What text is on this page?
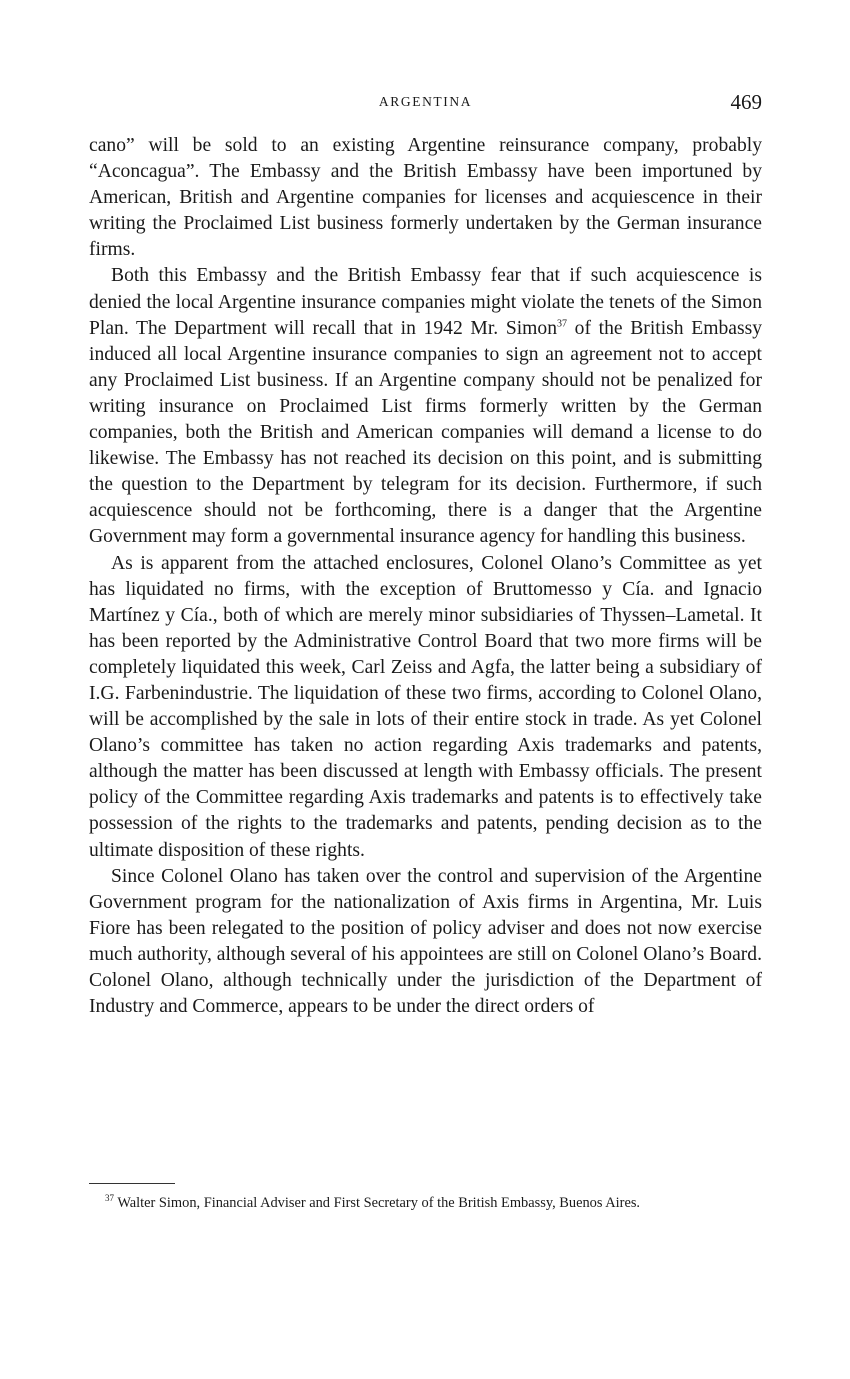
ARGENTINA	469

cano” will be sold to an existing Argentine reinsurance company, probably “Aconcagua”. The Embassy and the British Embassy have been importuned by American, British and Argentine companies for licenses and acquiescence in their writing the Proclaimed List business formerly undertaken by the German insurance firms.

Both this Embassy and the British Embassy fear that if such acquiescence is denied the local Argentine insurance companies might violate the tenets of the Simon Plan. The Department will recall that in 1942 Mr. Simon$^{37}$ of the British Embassy induced all local Argentine insurance companies to sign an agreement not to accept any Proclaimed List business. If an Argentine company should not be penalized for writing insurance on Proclaimed List firms formerly written by the German companies, both the British and American companies will demand a license to do likewise. The Embassy has not reached its decision on this point, and is submitting the question to the Department by telegram for its decision. Furthermore, if such acquiescence should not be forthcoming, there is a danger that the Argentine Government may form a governmental insurance agency for handling this business.

As is apparent from the attached enclosures, Colonel Olano’s Committee as yet has liquidated no firms, with the exception of Bruttomesso y Cía. and Ignacio Martínez y Cía., both of which are merely minor subsidiaries of Thyssen–Lametal. It has been reported by the Administrative Control Board that two more firms will be completely liquidated this week, Carl Zeiss and Agfa, the latter being a subsidiary of I.G. Farbenindustrie. The liquidation of these two firms, according to Colonel Olano, will be accomplished by the sale in lots of their entire stock in trade. As yet Colonel Olano’s committee has taken no action regarding Axis trademarks and patents, although the matter has been discussed at length with Embassy officials. The present policy of the Committee regarding Axis trademarks and patents is to effectively take possession of the rights to the trademarks and patents, pending decision as to the ultimate disposition of these rights.

Since Colonel Olano has taken over the control and supervision of the Argentine Government program for the nationalization of Axis firms in Argentina, Mr. Luis Fiore has been relegated to the position of policy adviser and does not now exercise much authority, although several of his appointees are still on Colonel Olano’s Board. Colonel Olano, although technically under the jurisdiction of the Department of Industry and Commerce, appears to be under the direct orders of

$^{37}$ Walter Simon, Financial Adviser and First Secretary of the British Embassy, Buenos Aires.
